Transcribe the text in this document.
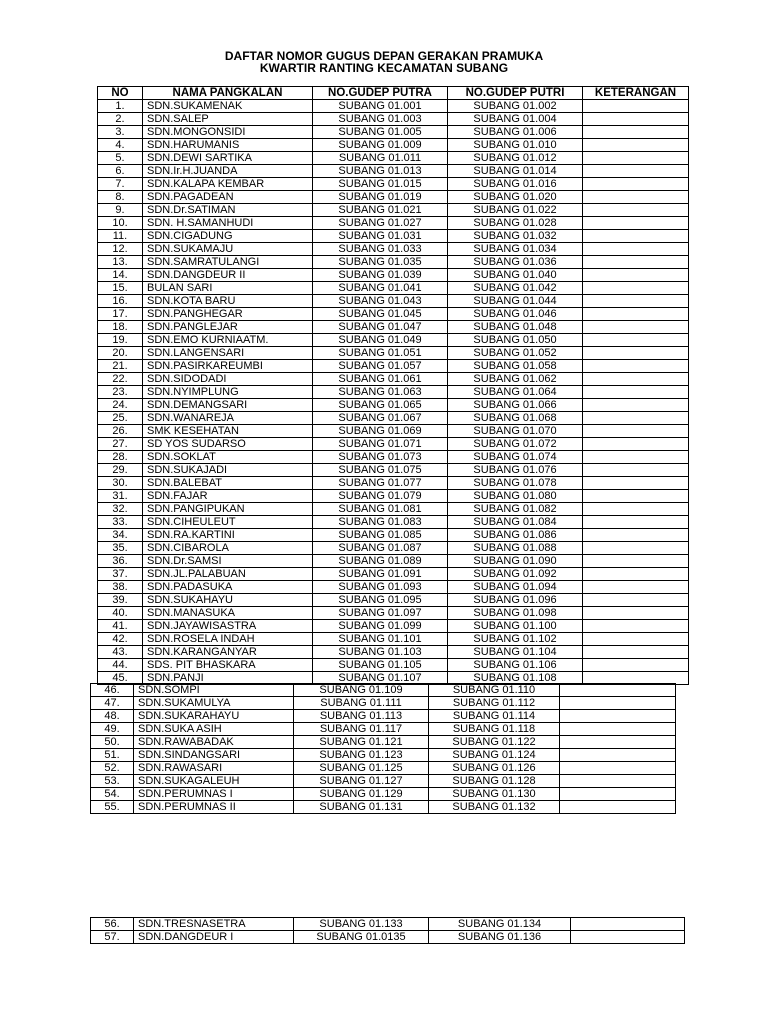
DAFTAR NOMOR GUGUS DEPAN GERAKAN PRAMUKA
KWARTIR RANTING KECAMATAN SUBANG
NO	NAMA PANGKALAN	NO.GUDEP PUTRA	NO.GUDEP PUTRI	KETERANGAN
1.	SDN.SUKAMENAK	SUBANG 01.001	SUBANG 01.002	
2.	SDN.SALEP	SUBANG 01.003	SUBANG 01.004	
3.	SDN.MONGONSIDI	SUBANG 01.005	SUBANG 01.006	
4.	SDN.HARUMANIS	SUBANG 01.009	SUBANG 01.010	
5.	SDN.DEWI SARTIKA	SUBANG 01.011	SUBANG 01.012	
6.	SDN.Ir.H.JUANDA	SUBANG 01.013	SUBANG 01.014	
7.	SDN.KALAPA KEMBAR	SUBANG 01.015	SUBANG 01.016	
8.	SDN.PAGADEAN	SUBANG 01.019	SUBANG 01.020	
9.	SDN.Dr.SATIMAN	SUBANG 01.021	SUBANG 01.022	
10.	SDN. H.SAMANHUDI	SUBANG 01.027	SUBANG 01.028	
11.	SDN.CIGADUNG	SUBANG 01.031	SUBANG 01.032	
12.	SDN.SUKAMAJU	SUBANG 01.033	SUBANG 01.034	
13.	SDN.SAMRATULANGI	SUBANG 01.035	SUBANG 01.036	
14.	SDN.DANGDEUR II	SUBANG 01.039	SUBANG 01.040	
15.	BULAN SARI	SUBANG 01.041	SUBANG 01.042	
16.	SDN.KOTA BARU	SUBANG 01.043	SUBANG 01.044	
17.	SDN.PANGHEGAR	SUBANG 01.045	SUBANG 01.046	
18.	SDN.PANGLEJAR	SUBANG 01.047	SUBANG 01.048	
19.	SDN.EMO KURNIAATM.	SUBANG 01.049	SUBANG 01.050	
20.	SDN.LANGENSARI	SUBANG 01.051	SUBANG 01.052	
21.	SDN.PASIRKAREUMBI	SUBANG 01.057	SUBANG 01.058	
22.	SDN.SIDODADI	SUBANG 01.061	SUBANG 01.062	
23.	SDN.NYIMPLUNG	SUBANG 01.063	SUBANG 01.064	
24.	SDN.DEMANGSARI	SUBANG 01.065	SUBANG 01.066	
25.	SDN.WANAREJA	SUBANG 01.067	SUBANG 01.068	
26.	SMK KESEHATAN	SUBANG 01.069	SUBANG 01.070	
27.	SD YOS SUDARSO	SUBANG 01.071	SUBANG 01.072	
28.	SDN.SOKLAT	SUBANG 01.073	SUBANG 01.074	
29.	SDN.SUKAJADI	SUBANG 01.075	SUBANG 01.076	
30.	SDN.BALEBAT	SUBANG 01.077	SUBANG 01.078	
31.	SDN.FAJAR	SUBANG 01.079	SUBANG 01.080	
32.	SDN.PANGIPUKAN	SUBANG 01.081	SUBANG 01.082	
33.	SDN.CIHEULEUT	SUBANG 01.083	SUBANG 01.084	
34.	SDN.RA.KARTINI	SUBANG 01.085	SUBANG 01.086	
35.	SDN.CIBAROLA	SUBANG 01.087	SUBANG 01.088	
36.	SDN.Dr.SAMSI	SUBANG 01.089	SUBANG 01.090	
37.	SDN.JL.PALABUAN	SUBANG 01.091	SUBANG 01.092	
38.	SDN.PADASUKA	SUBANG 01.093	SUBANG 01.094	
39.	SDN.SUKAHAYU	SUBANG 01.095	SUBANG 01.096	
40.	SDN.MANASUKA	SUBANG 01.097	SUBANG 01.098	
41.	SDN.JAYAWISASTRA	SUBANG 01.099	SUBANG 01.100	
42.	SDN.ROSELA INDAH	SUBANG 01.101	SUBANG 01.102	
43.	SDN.KARANGANYAR	SUBANG 01.103	SUBANG 01.104	
44.	SDS. PIT BHASKARA	SUBANG 01.105	SUBANG 01.106	
45.	SDN.PANJI	SUBANG 01.107	SUBANG 01.108	
46.	SDN.SOMPI	SUBANG 01.109	SUBANG 01.110	
47.	SDN.SUKAMULYA	SUBANG 01.111	SUBANG 01.112	
48.	SDN.SUKARAHAYU	SUBANG 01.113	SUBANG 01.114	
49.	SDN.SUKA ASIH	SUBANG 01.117	SUBANG 01.118	
50.	SDN.RAWABADAK	SUBANG 01.121	SUBANG 01.122	
51.	SDN.SINDANGSARI	SUBANG 01.123	SUBANG 01.124	
52.	SDN.RAWASARI	SUBANG 01.125	SUBANG 01.126	
53.	SDN.SUKAGALEUH	SUBANG 01.127	SUBANG 01.128	
54.	SDN.PERUMNAS I	SUBANG 01.129	SUBANG 01.130	
55.	SDN.PERUMNAS II	SUBANG 01.131	SUBANG 01.132	
56.	SDN.TRESNASETRA	SUBANG 01.133	SUBANG 01.134	
57.	SDN.DANGDEUR I	SUBANG 01.0135	SUBANG 01.136	
